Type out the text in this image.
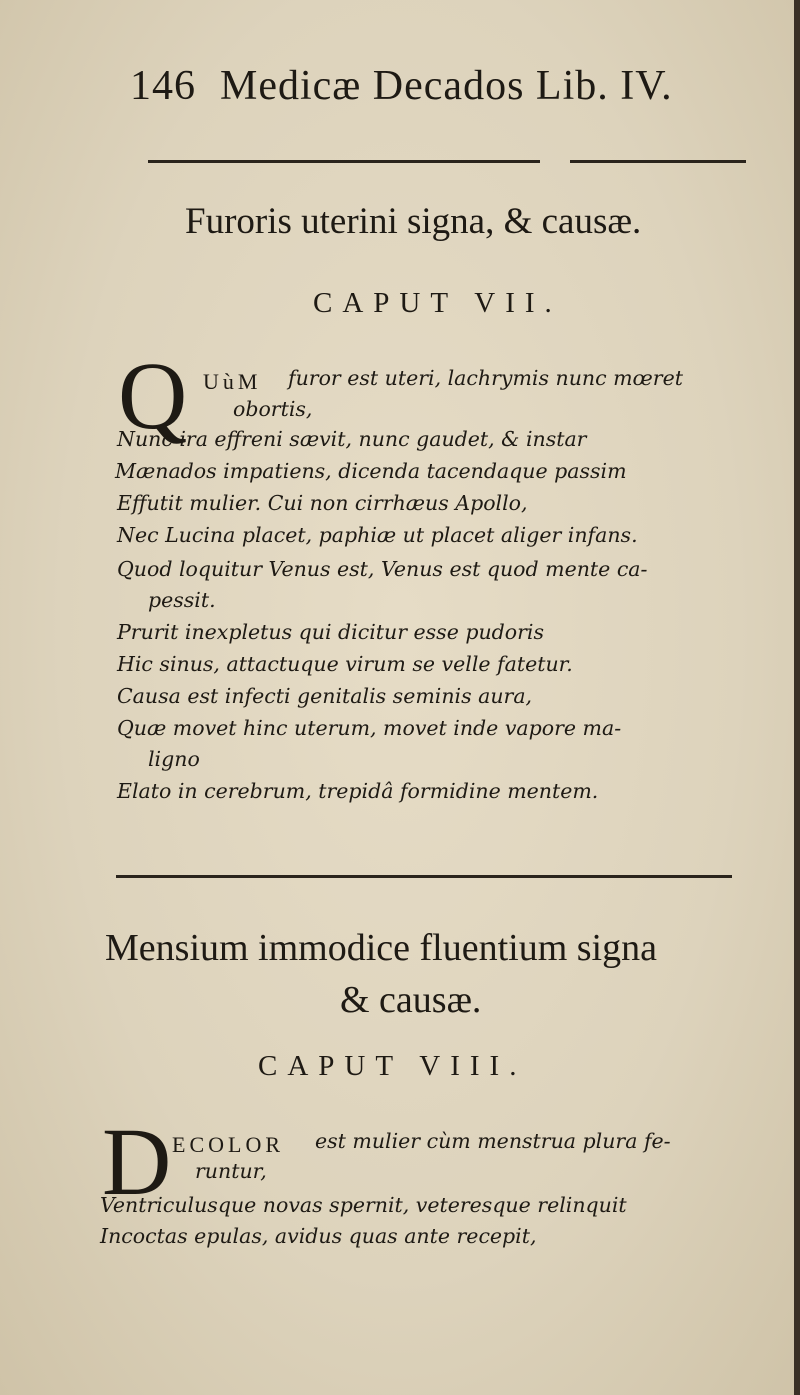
146 Medicæ Decados Lib. IV.
Furoris uterini signa, & causæ.
CAPUT VII.
Q UùM furor est uteri, lachrymis nunc mœret
obortis,
Nunc ira effreni sævit, nunc gaudet, & instar
Mænados impatiens, dicenda tacendaque passim
Effutit mulier. Cui non cirrhæus Apollo,
Nec Lucina placet, paphiæ ut placet aliger infans.
Quod loquitur Venus est, Venus est quod mente ca-
pessit.
Prurit inexpletus qui dicitur esse pudoris
Hic sinus, attactuque virum se velle fatetur.
Causa est infecti genitalis seminis aura,
Quæ movet hinc uterum, movet inde vapore ma-
ligno
Elato in cerebrum, trepidâ formidine mentem.
Mensium immodice fluentium signa
& causæ.
CAPUT VIII.
D ECOLOR est mulier cùm menstrua plura fe-
runtur,
Ventriculusque novas spernit, veteresque relinquit
Incoctas epulas, avidus quas ante recepit,
